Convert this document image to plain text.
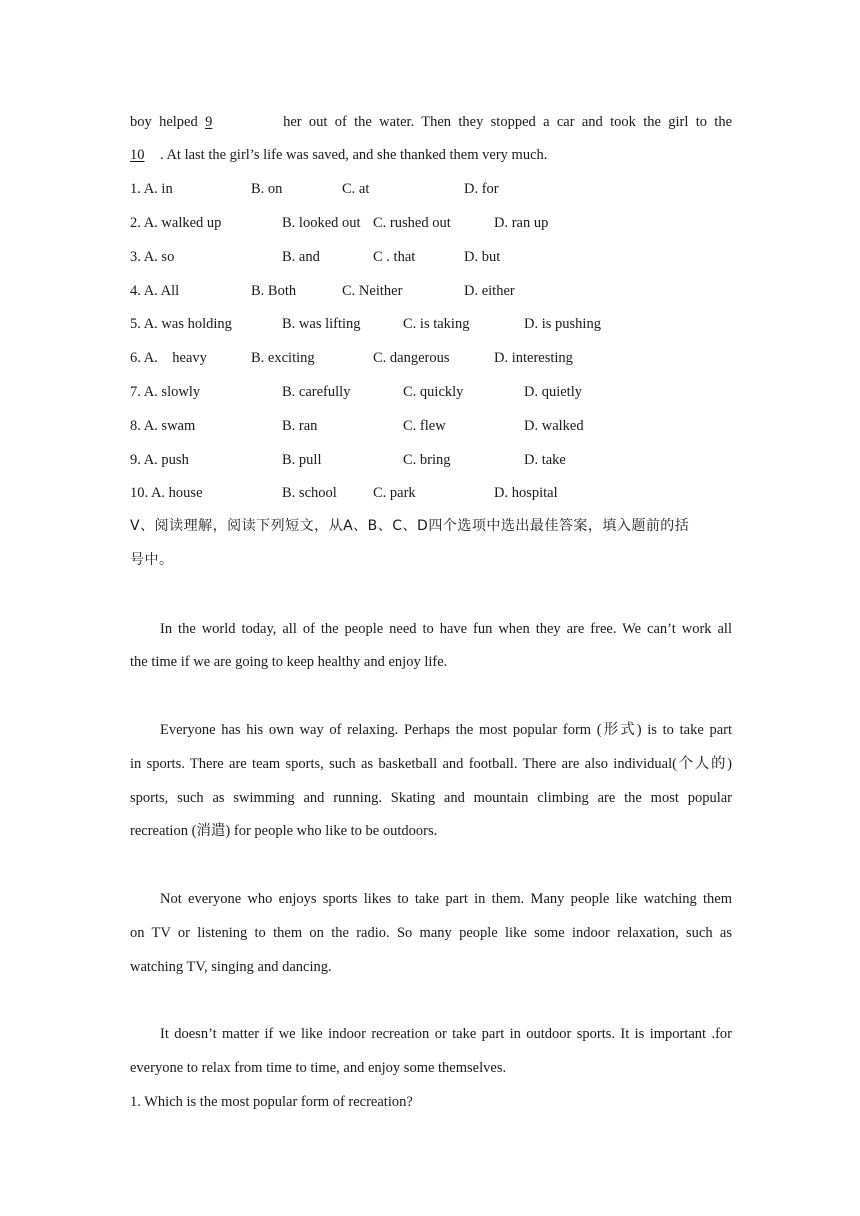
boy helped 9	her out of the water. Then they stopped a car and took the girl to the
10 . At last the girl’s life was saved, and she thanked them very much.
1. A. in	B. on	C. at	D. for
2. A. walked up	B. looked out C. rushed out	D. ran up
3. A. so	B. and	C . that	D. but
4. A. All	B. Both	C. Neither	D. either
5. A. was holding	B. was lifting	C. is taking	D. is pushing
6. A.    heavy	B. exciting	C. dangerous	D. interesting
7. A. slowly	B. carefully	C. quickly	D. quietly
8. A. swam	B. ran	C. flew	D. walked
9. A. push	B. pull	C. bring	D. take
10. A. house	B. school C. park	D. hospital
Ⅴ、阅读理解，阅读下列短文，从A、B、C、D四个选项中选出最佳答案，填入题前的括
号中。
In the world today, all of the people need to have fun when they are free. We can’t work all
the time if we are going to keep healthy and enjoy life.
Everyone has his own way of relaxing. Perhaps the most popular form (形式) is to take part
in sports. There are team sports, such as basketball and football. There are also individual(个人的)
sports, such as swimming and running. Skating and mountain climbing are the most popular
recreation (消遣) for people who like to be outdoors.
Not everyone who enjoys sports likes to take part in them. Many people like watching them
on TV or listening to them on the radio. So many people like some indoor relaxation, such as
watching TV, singing and dancing.
It doesn’t matter if we like indoor recreation or take part in outdoor sports. It is important .for
everyone to relax from time to time, and enjoy some themselves.
1. Which is the most popular form of recreation?
